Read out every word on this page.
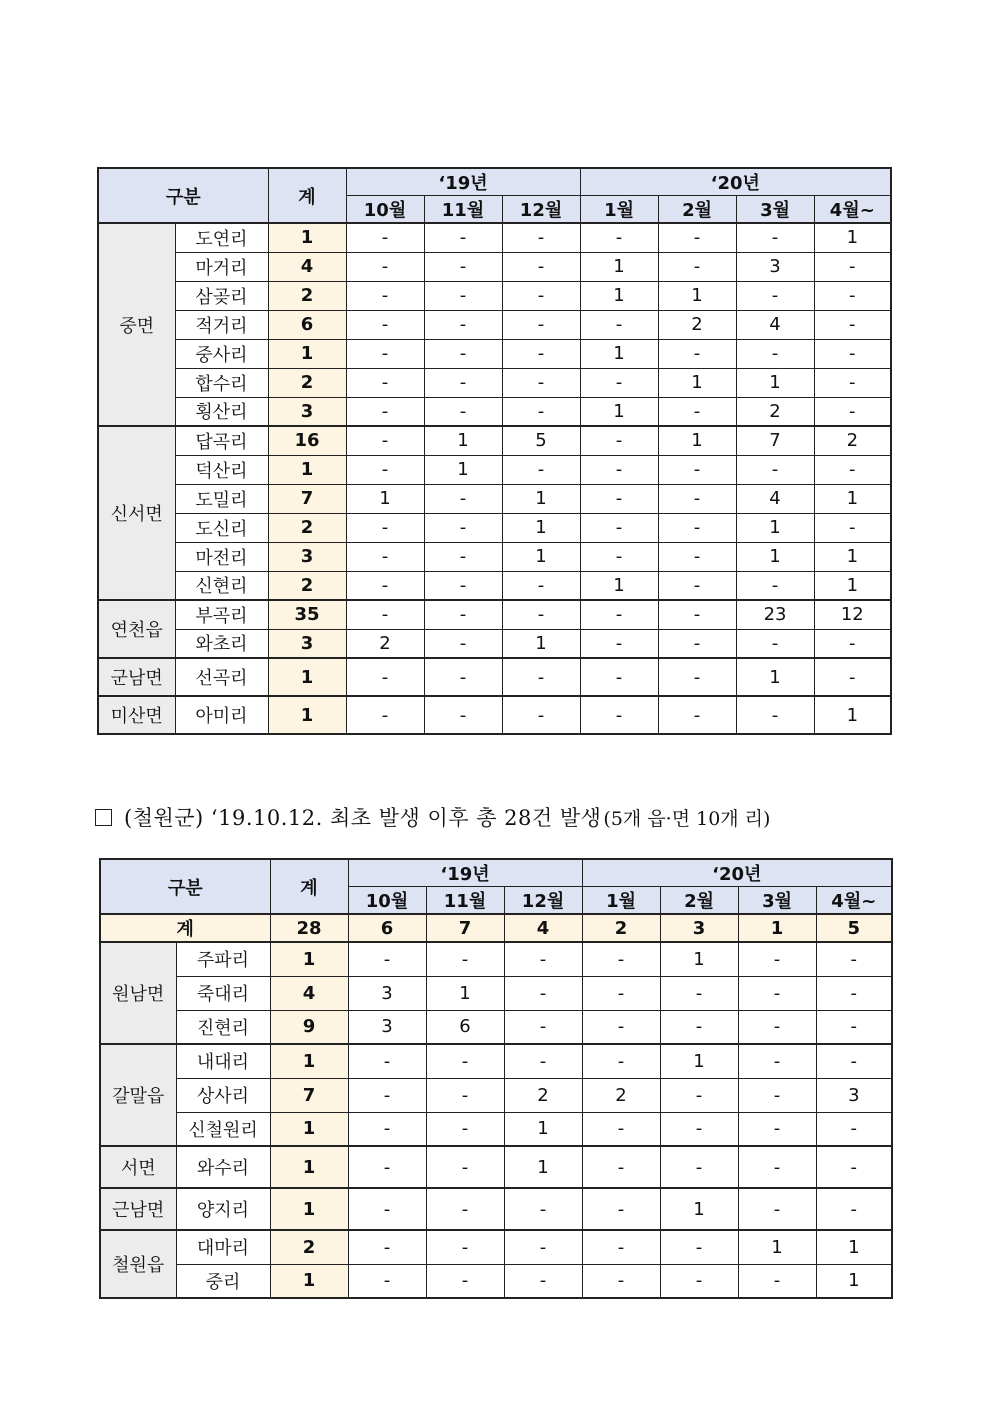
구분		계	‘19년			‘20년			
			10월	11월	12월	1월	2월	3월	4월~
중면	도연리	1	-	-	-	-	-	-	1
	마거리	4	-	-	-	1	-	3	-
	삼곶리	2	-	-	-	1	1	-	-
	적거리	6	-	-	-	-	2	4	-
	중사리	1	-	-	-	1	-	-	-
	합수리	2	-	-	-	-	1	1	-
	횡산리	3	-	-	-	1	-	2	-
신서면	답곡리	16	-	1	5	-	1	7	2
	덕산리	1	-	1	-	-	-	-	-
	도밀리	7	1	-	1	-	-	4	1
	도신리	2	-	-	1	-	-	1	-
	마전리	3	-	-	1	-	-	1	1
	신현리	2	-	-	-	1	-	-	1
연천읍	부곡리	35	-	-	-	-	-	23	12
	와초리	3	2	-	1	-	-	-	-
군남면	선곡리	1	-	-	-	-	-	1	-
미산면	아미리	1	-	-	-	-	-	-	1
(철원군) ‘19.10.12. 최초 발생 이후 총 28건 발생 (5개 읍·면 10개 리)
구분		계	‘19년			‘20년			
			10월	11월	12월	1월	2월	3월	4월~
계		28	6	7	4	2	3	1	5
원남면	주파리	1	-	-	-	-	1	-	-
	죽대리	4	3	1	-	-	-	-	-
	진현리	9	3	6	-	-	-	-	-
갈말읍	내대리	1	-	-	-	-	1	-	-
	상사리	7	-	-	2	2	-	-	3
	신철원리	1	-	-	1	-	-	-	-
서면	와수리	1	-	-	1	-	-	-	-
근남면	양지리	1	-	-	-	-	1	-	-
철원읍	대마리	2	-	-	-	-	-	1	1
	중리	1	-	-	-	-	-	-	1
